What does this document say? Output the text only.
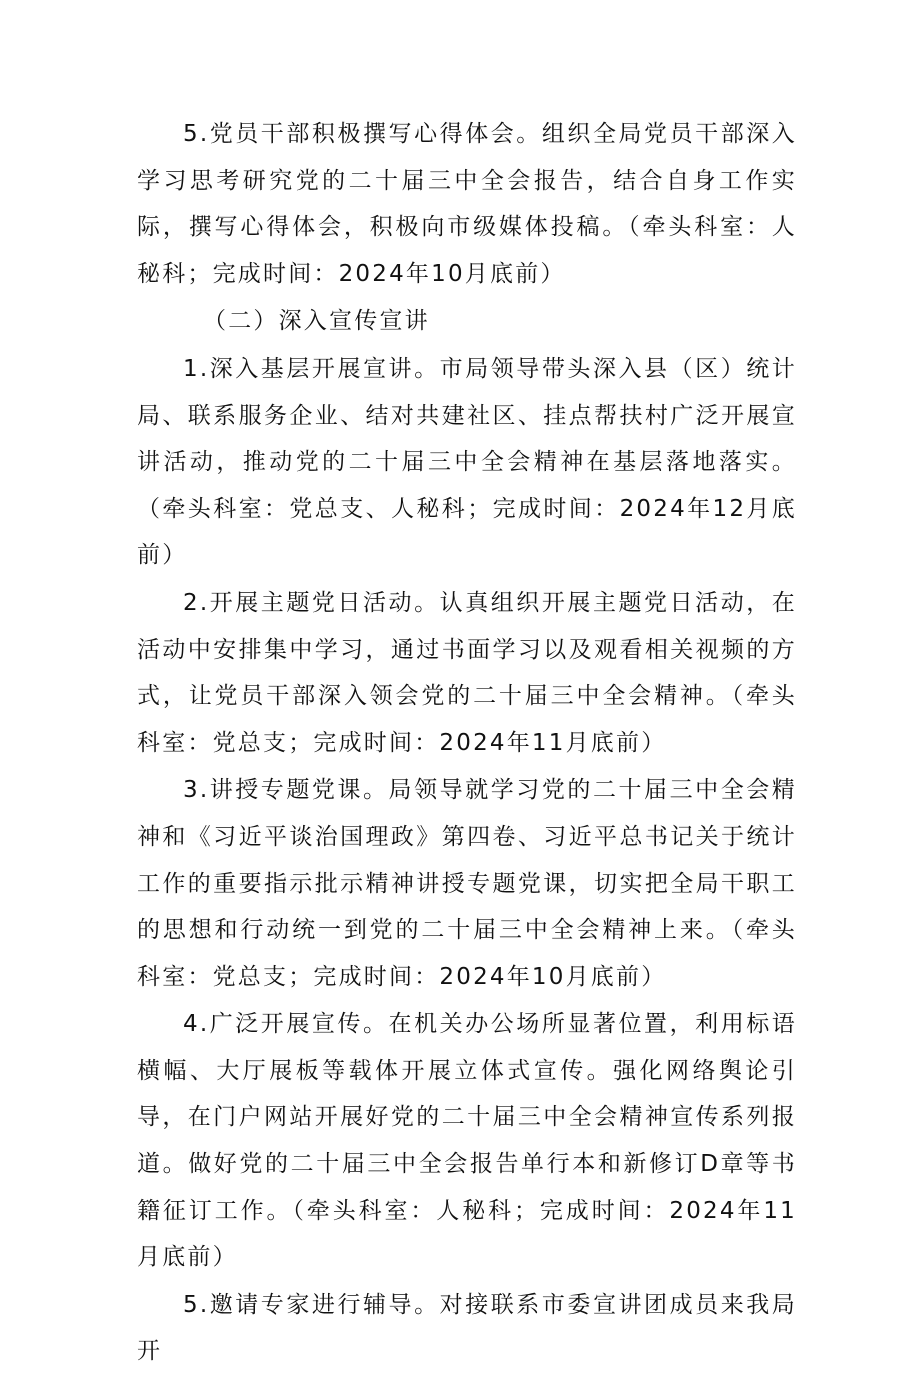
5.党员干部积极撰写心得体会。组织全局党员干部深入学习思考研究党的二十届三中全会报告，结合自身工作实际，撰写心得体会，积极向市级媒体投稿。（牵头科室：人秘科；完成时间：2024年10月底前）

（二）深入宣传宣讲

1.深入基层开展宣讲。市局领导带头深入县（区）统计局、联系服务企业、结对共建社区、挂点帮扶村广泛开展宣讲活动，推动党的二十届三中全会精神在基层落地落实。（牵头科室：党总支、人秘科；完成时间：2024年12月底前）

2.开展主题党日活动。认真组织开展主题党日活动，在活动中安排集中学习，通过书面学习以及观看相关视频的方式，让党员干部深入领会党的二十届三中全会精神。（牵头科室：党总支；完成时间：2024年11月底前）

3.讲授专题党课。局领导就学习党的二十届三中全会精神和《习近平谈治国理政》第四卷、习近平总书记关于统计工作的重要指示批示精神讲授专题党课，切实把全局干职工的思想和行动统一到党的二十届三中全会精神上来。（牵头科室：党总支；完成时间：2024年10月底前）

4.广泛开展宣传。在机关办公场所显著位置，利用标语横幅、大厅展板等载体开展立体式宣传。强化网络舆论引导，在门户网站开展好党的二十届三中全会精神宣传系列报道。做好党的二十届三中全会报告单行本和新修订D章等书籍征订工作。（牵头科室：人秘科；完成时间：2024年11月底前）

5.邀请专家进行辅导。对接联系市委宣讲团成员来我局开
